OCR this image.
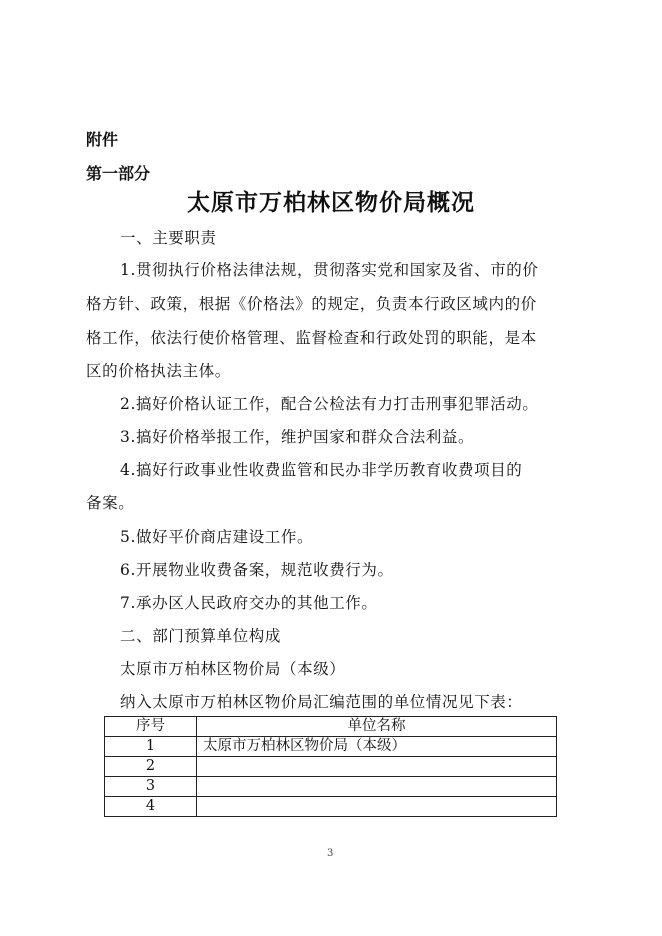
附件
第一部分
太原市万柏林区物价局概况
一、主要职责
1.贯彻执行价格法律法规，贯彻落实党和国家及省、市的价
格方针、政策，根据《价格法》的规定，负责本行政区域内的价
格工作，依法行使价格管理、监督检查和行政处罚的职能，是本
区的价格执法主体。
2.搞好价格认证工作，配合公检法有力打击刑事犯罪活动。
3.搞好价格举报工作，维护国家和群众合法利益。
4.搞好行政事业性收费监管和民办非学历教育收费项目的
备案。
5.做好平价商店建设工作。
6.开展物业收费备案，规范收费行为。
7.承办区人民政府交办的其他工作。
二、部门预算单位构成
太原市万柏林区物价局（本级）
纳入太原市万柏林区物价局汇编范围的单位情况见下表：
序号	单位名称
1	太原市万柏林区物价局（本级）
2	
3	
4	
3
